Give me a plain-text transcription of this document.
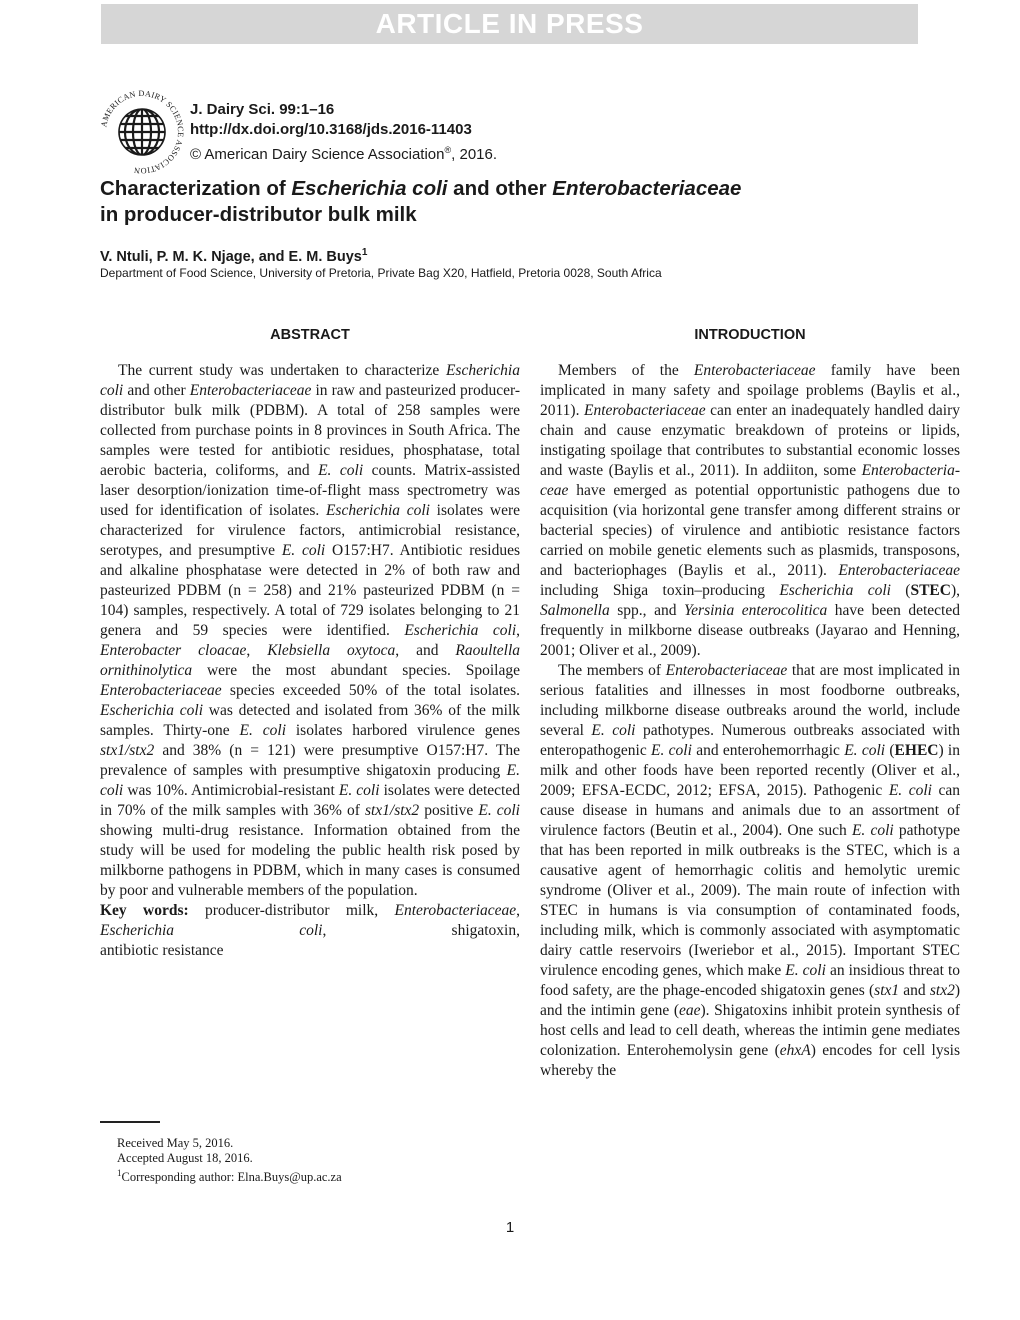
ARTICLE IN PRESS
AMERICAN DAIRY SCIENCE ASSOCIATION
J. Dairy Sci. 99:1–16
http://dx.doi.org/10.3168/jds.2016-11403
© American Dairy Science Association®, 2016.
Characterization of Escherichia coli and other Enterobacteriaceae
in producer-distributor bulk milk
V. Ntuli, P. M. K. Njage, and E. M. Buys$^1$
Department of Food Science, University of Pretoria, Private Bag X20, Hatfield, Pretoria 0028, South Africa
ABSTRACT	INTRODUCTION

The current study was undertaken to characterize Escherichia coli and other Enterobacteriaceae in raw and pasteurized producer-distributor bulk milk (PDBM). A total of 258 samples were collected from purchase points in 8 provinces in South Africa. The samples were tested for antibiotic residues, phosphatase, total aerobic bacteria, coliforms, and E. coli counts. Matrix-assisted laser desorption/ionization time-of-flight mass spectrometry was used for identification of isolates. Escherichia coli isolates were characterized for virulence factors, antimicrobial resistance, serotypes, and presumptive E. coli O157:H7. Antibiotic residues and alkaline phosphatase were detected in 2% of both raw and pasteurized PDBM (n = 258) and 21% pasteurized PDBM (n = 104) samples, respectively. A total of 729 isolates belonging to 21 genera and 59 species were identified. Escherichia coli, Enterobacter cloacae, Klebsiella oxytoca, and Raoultella ornithinolytica were the most abundant species. Spoilage Enterobacteriaceae species exceeded 50% of the total isolates. Escherichia coli was detected and isolated from 36% of the milk samples. Thirty-one E. coli isolates harbored virulence genes stx1/stx2 and 38% (n = 121) were presumptive O157:H7. The prevalence of samples with presumptive shigatoxin producing E. coli was 10%. Antimicrobial-resistant E. coli isolates were detected in 70% of the milk samples with 36% of stx1/stx2 positive E. coli showing multi-drug resistance. Information obtained from the study will be used for modeling the public health risk posed by milkborne pathogens in PDBM, which in many cases is consumed by poor and vulnerable members of the population.

Key words: producer-distributor milk, Enterobacteriaceae, Escherichia coli, shigatoxin,
antibiotic resistance

Members of the Enterobacteriaceae family have been implicated in many safety and spoilage problems (Baylis et al., 2011). Enterobacteriaceae can enter an inadequately handled dairy chain and cause enzymatic breakdown of proteins or lipids, instigating spoilage that contributes to substantial economic losses and waste (Baylis et al., 2011). In addiiton, some Enterobacteriaceae have emerged as potential opportunistic pathogens due to acquisition (via horizontal gene transfer among different strains or bacterial species) of virulence and antibiotic resistance factors carried on mobile genetic elements such as plasmids, transposons, and bacteriophages (Baylis et al., 2011). Enterobacteriaceae including Shiga toxin–producing Escherichia coli (STEC), Salmonella spp., and Yersinia enterocolitica have been detected frequently in milkborne disease outbreaks (Jayarao and Henning, 2001; Oliver et al., 2009).

The members of Enterobacteriaceae that are most implicated in serious fatalities and illnesses in most foodborne outbreaks, including milkborne disease outbreaks around the world, include several E. coli pathotypes. Numerous outbreaks associated with enteropathogenic E. coli and enterohemorrhagic E. coli (EHEC) in milk and other foods have been reported recently (Oliver et al., 2009; EFSA-ECDC, 2012; EFSA, 2015). Pathogenic E. coli can cause disease in humans and animals due to an assortment of virulence factors (Beutin et al., 2004). One such E. coli pathotype that has been reported in milk outbreaks is the STEC, which is a causative agent of hemorrhagic colitis and hemolytic uremic syndrome (Oliver et al., 2009). The main route of infection with STEC in humans is via consumption of contaminated foods, including milk, which is commonly associated with asymptomatic dairy cattle reservoirs (Iweriebor et al., 2015). Important STEC virulence encoding genes, which make E. coli an insidious threat to food safety, are the phage-encoded shigatoxin genes (stx1 and stx2) and the intimin gene (eae). Shigatoxins inhibit protein synthesis of host cells and lead to cell death, whereas the intimin gene mediates colonization. Enterohemolysin gene (ehxA) encodes for cell lysis whereby the

Received May 5, 2016.
Accepted August 18, 2016.
$^1$Corresponding author: Elna.Buys@up.ac.za
1
